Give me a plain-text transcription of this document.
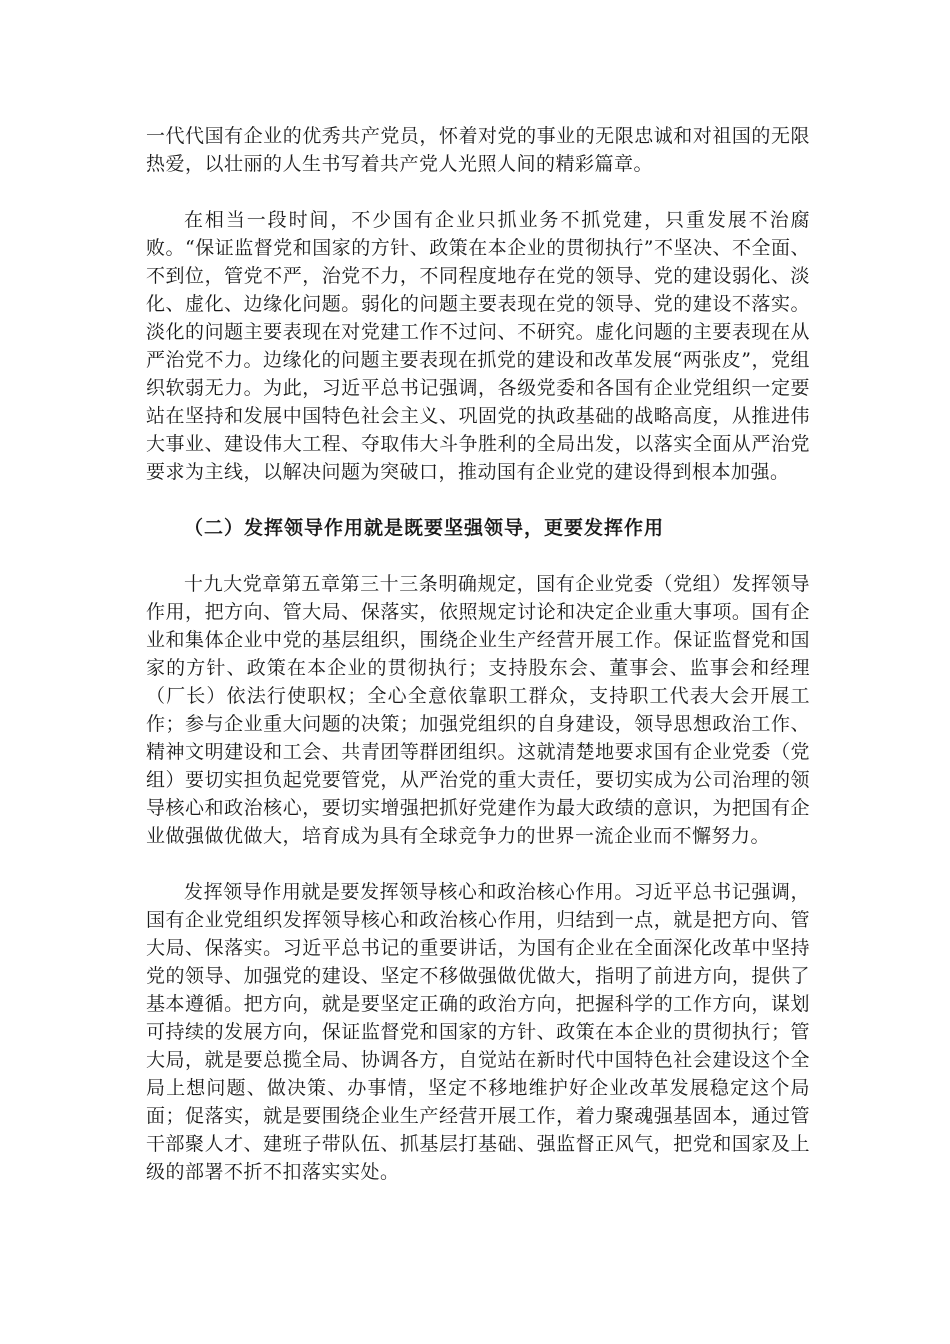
一代代国有企业的优秀共产党员，怀着对党的事业的无限忠诚和对祖国的无限热爱，以壮丽的人生书写着共产党人光照人间的精彩篇章。

在相当一段时间，不少国有企业只抓业务不抓党建，只重发展不治腐败。“保证监督党和国家的方针、政策在本企业的贯彻执行”不坚决、不全面、不到位，管党不严，治党不力，不同程度地存在党的领导、党的建设弱化、淡化、虚化、边缘化问题。弱化的问题主要表现在党的领导、党的建设不落实。淡化的问题主要表现在对党建工作不过问、不研究。虚化问题的主要表现在从严治党不力。边缘化的问题主要表现在抓党的建设和改革发展“两张皮”，党组织软弱无力。为此，习近平总书记强调，各级党委和各国有企业党组织一定要站在坚持和发展中国特色社会主义、巩固党的执政基础的战略高度，从推进伟大事业、建设伟大工程、夺取伟大斗争胜利的全局出发，以落实全面从严治党要求为主线，以解决问题为突破口，推动国有企业党的建设得到根本加强。

（二）发挥领导作用就是既要坚强领导，更要发挥作用

十九大党章第五章第三十三条明确规定，国有企业党委（党组）发挥领导作用，把方向、管大局、保落实，依照规定讨论和决定企业重大事项。国有企业和集体企业中党的基层组织，围绕企业生产经营开展工作。保证监督党和国家的方针、政策在本企业的贯彻执行；支持股东会、董事会、监事会和经理（厂长）依法行使职权；全心全意依靠职工群众，支持职工代表大会开展工作；参与企业重大问题的决策；加强党组织的自身建设，领导思想政治工作、精神文明建设和工会、共青团等群团组织。这就清楚地要求国有企业党委（党组）要切实担负起党要管党，从严治党的重大责任，要切实成为公司治理的领导核心和政治核心，要切实增强把抓好党建作为最大政绩的意识，为把国有企业做强做优做大，培育成为具有全球竞争力的世界一流企业而不懈努力。

发挥领导作用就是要发挥领导核心和政治核心作用。习近平总书记强调，国有企业党组织发挥领导核心和政治核心作用，归结到一点，就是把方向、管大局、保落实。习近平总书记的重要讲话，为国有企业在全面深化改革中坚持党的领导、加强党的建设、坚定不移做强做优做大，指明了前进方向，提供了基本遵循。把方向，就是要坚定正确的政治方向，把握科学的工作方向，谋划可持续的发展方向，保证监督党和国家的方针、政策在本企业的贯彻执行；管大局，就是要总揽全局、协调各方，自觉站在新时代中国特色社会建设这个全局上想问题、做决策、办事情，坚定不移地维护好企业改革发展稳定这个局面；促落实，就是要围绕企业生产经营开展工作，着力聚魂强基固本，通过管干部聚人才、建班子带队伍、抓基层打基础、强监督正风气，把党和国家及上级的部署不折不扣落实实处。
